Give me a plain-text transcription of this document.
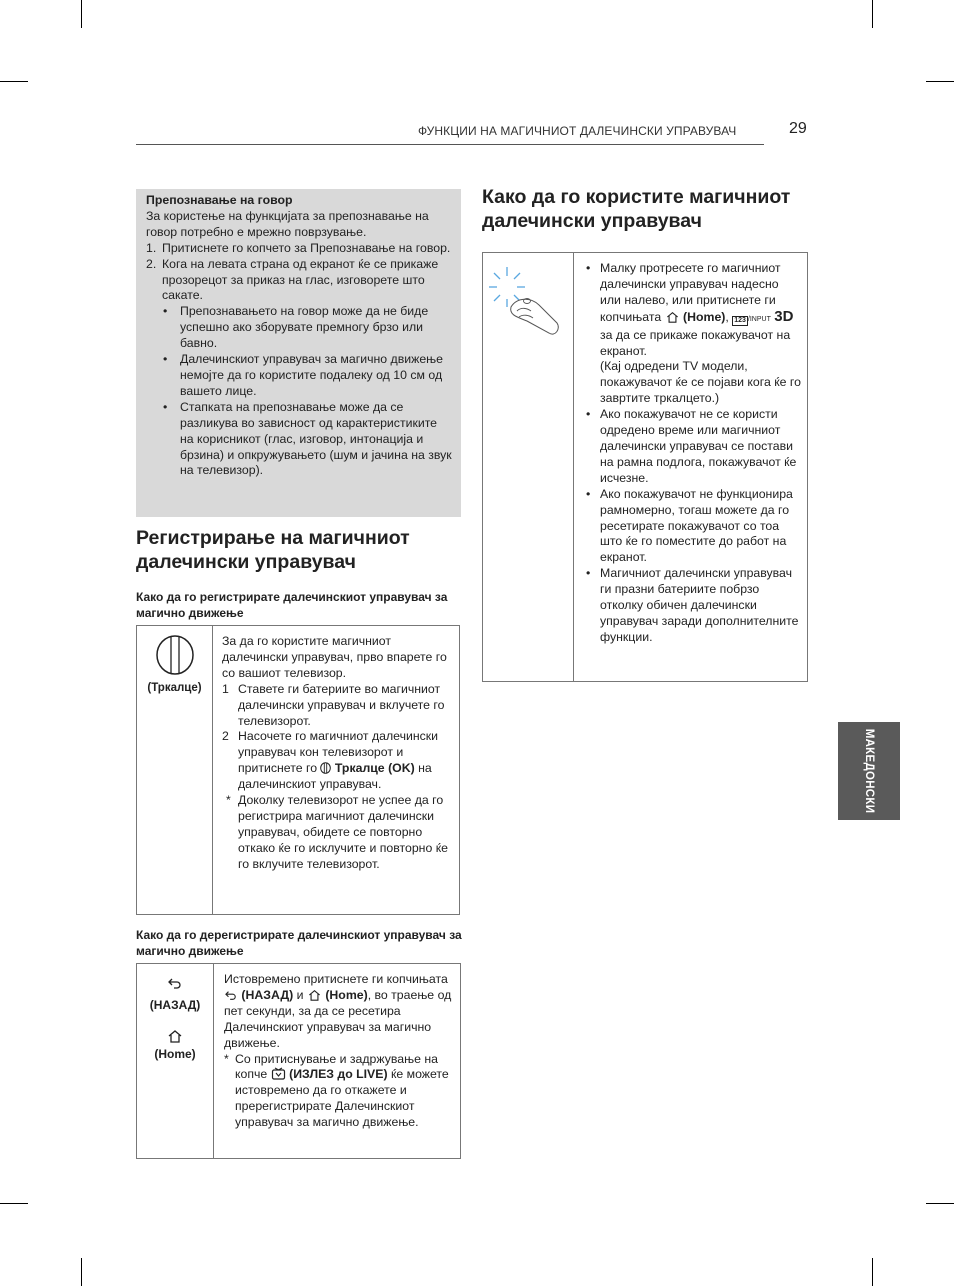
ФУНКЦИИ НА МАГИЧНИОТ ДАЛЕЧИНСКИ УПРАВУВАЧ	29
Препознавање на говор
За користење на функцијата за препознавање на говор потребно е мрежно поврзување.
1. Притиснете го копчето за Препознавање на говор.
2. Кога на левата страна од екранот ќе се прикаже прозорецот за приказ на глас, изговорете што сакате.
• Препознавањето на говор може да не биде успешно ако зборувате премногу брзо или бавно.
• Далечинскиот управувач за магично движење немојте да го користите подалеку од 10 см од вашето лице.
• Стапката на препознавање може да се разликува во зависност од карактеристиките на корисникот (глас, изговор, интонација и брзина) и опкружувањето (шум и јачина на звук на телевизор).
Регистрирање на магичниот далечински управувач
Како да го регистрирате далечинскиот управувач за магично движење
(Тркалце)
За да го користите магичниот далечински управувач, прво впарете го со вашиот телевизор.
1 Ставете ги батериите во магичниот далечински управувач и вклучете го телевизорот.
2 Насочете го магичниот далечински управувач кон телевизорот и притиснете го Тркалце (OK) на далечинскиот управувач.
* Доколку телевизорот не успее да го регистрира магичниот далечински управувач, обидете се повторно откако ќе го исклучите и повторно ќе го вклучите телевизорот.
Како да го дерегистрирате далечинскиот управувач за магично движење
(НАЗАД)
(Home)
Истовремено притиснете ги копчињата  (НАЗАД) и (Home), во траење од пет секунди, за да се ресетира Далечинскиот управувач за магично движење.
* Со притиснување и задржување на копче (ИЗЛЕЗ до LIVE) ќе можете истовремено да го откажете и пререгистрирате Далечинскиот управувач за магично движење.
Како да го користите магичниот далечински управувач
• Малку протресете го магичниот далечински управувач надесно или налево, или притиснете ги копчињата (Home), 123 /INPUT 3D за да се прикаже покажувачот на екранот.
(Кај одредени TV модели, покажувачот ќе се појави кога ќе го завртите тркалцето.)
• Ако покажувачот не се користи одредено време или магичниот далечински управувач се постави на рамна подлога, покажувачот ќе исчезне.
• Ако покажувачот не функционира рамномерно, тогаш можете да го ресетирате покажувачот со тоа што ќе го поместите до работ на екранот.
• Магичниот далечински управувач ги празни батериите побрзо отколку обичен далечински управувач заради дополнителните функции.
МАКЕДОНСКИ
